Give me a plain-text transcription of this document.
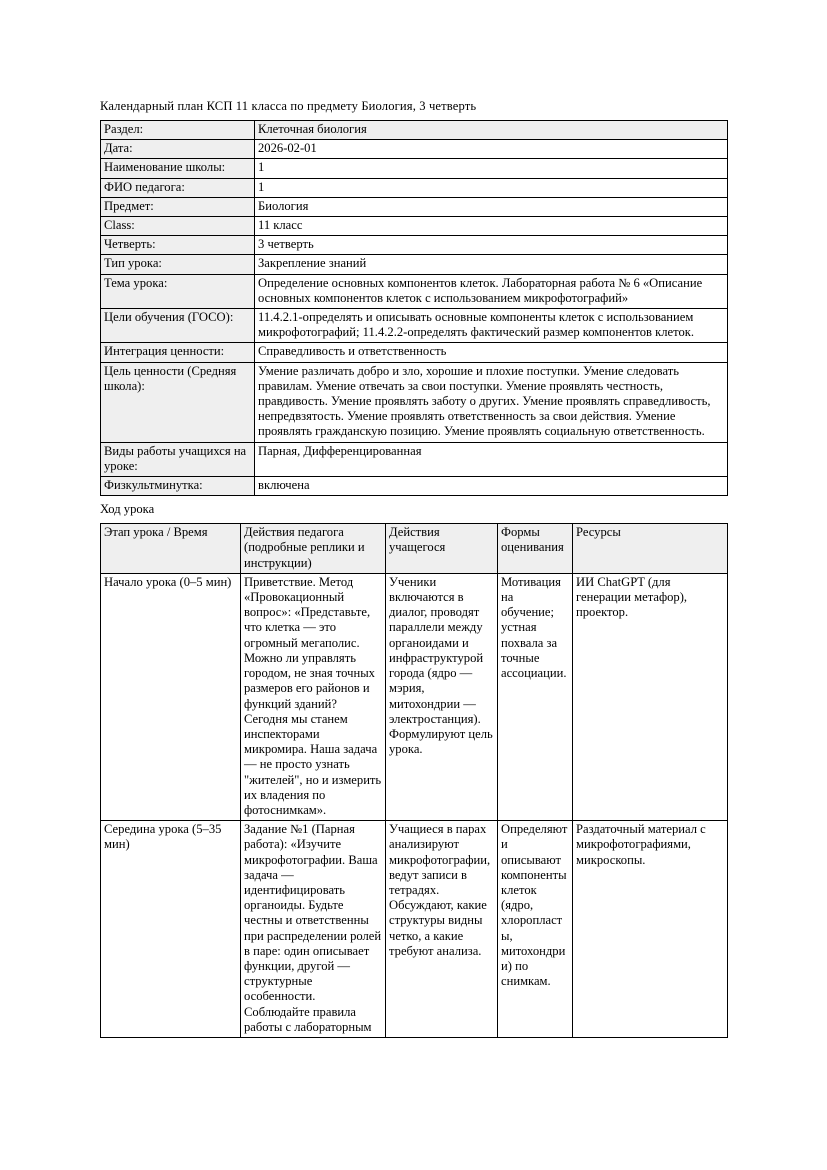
Календарный план КСП 11 класса по предмету Биология, 3 четверть

Раздел:	Клеточная биология
Дата:	2026-02-01
Наименование школы:	1
ФИО педагога:	1
Предмет:	Биология
Class:	11 класс
Четверть:	3 четверть
Тип урока:	Закрепление знаний
Тема урока:	Определение основных компонентов клеток. Лабораторная работа № 6 «Описание основных компонентов клеток с использованием микрофотографий»
Цели обучения (ГОСО):	11.4.2.1-определять и описывать основные компоненты клеток с использованием микрофотографий; 11.4.2.2-определять фактический размер компонентов клеток.
Интеграция ценности:	Справедливость и ответственность
Цель ценности (Средняя школа):	Умение различать добро и зло, хорошие и плохие поступки. Умение следовать правилам. Умение отвечать за свои поступки. Умение проявлять честность, правдивость. Умение проявлять заботу о других. Умение проявлять справедливость, непредвзятость. Умение проявлять ответственность за свои действия. Умение проявлять гражданскую позицию. Умение проявлять социальную ответственность.
Виды работы учащихся на уроке:	Парная, Дифференцированная
Физкультминутка:	включена

Ход урока

Этап урока / Время	Действия педагога (подробные реплики и инструкции)	Действия учащегося	Формы оценивания	Ресурсы
Начало урока (0–5 мин)	Приветствие. Метод «Провокационный вопрос»: «Представьте, что клетка — это огромный мегаполис. Можно ли управлять городом, не зная точных размеров его районов и функций зданий? Сегодня мы станем инспекторами микромира. Наша задача — не просто узнать "жителей", но и измерить их владения по фотоснимкам».	Ученики включаются в диалог, проводят параллели между органоидами и инфраструктурой города (ядро — мэрия, митохондрии — электростанция). Формулируют цель урока.	Мотивация на обучение; устная похвала за точные ассоциации.	ИИ ChatGPT (для генерации метафор), проектор.
Середина урока (5–35 мин)	Задание №1 (Парная работа): «Изучите микрофотографии. Ваша задача — идентифицировать органоиды. Будьте честны и ответственны при распределении ролей в паре: один описывает функции, другой — структурные особенности. Соблюдайте правила работы с лабораторным	Учащиеся в парах анализируют микрофотографии, ведут записи в тетрадях. Обсуждают, какие структуры видны четко, а какие требуют анализа.	Определяют и описывают компоненты клеток (ядро, хлоропласты, митохондрии) по снимкам.	Раздаточный материал с микрофотографиями, микроскопы.
